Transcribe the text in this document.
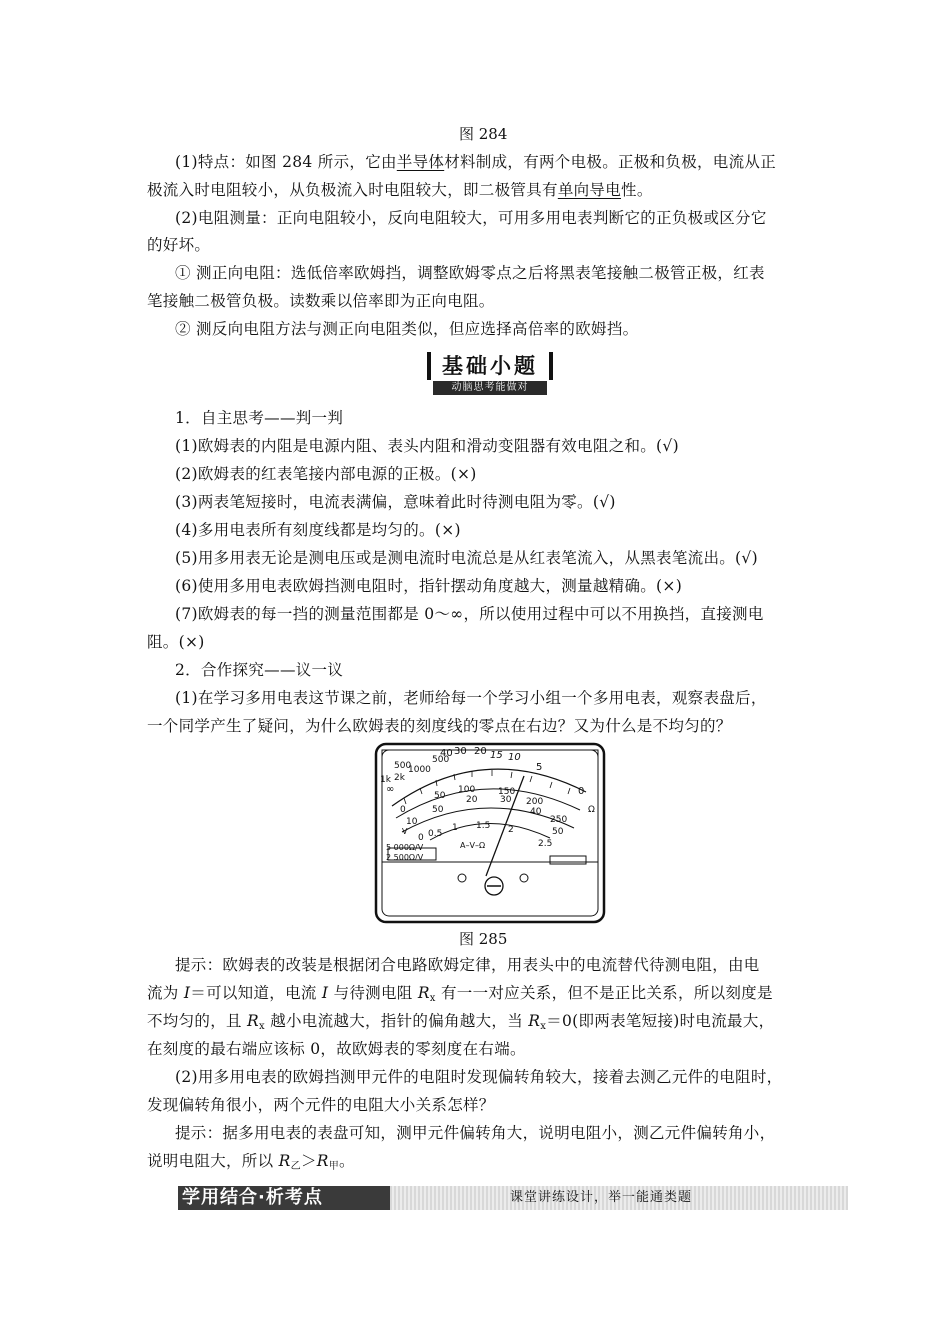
图 284
(1)特点：如图 284 所示，它由半导体材料制成，有两个电极。正极和负极，电流从正
极流入时电阻较小，从负极流入时电阻较大，即二极管具有单向导电性。
(2)电阻测量：正向电阻较小，反向电阻较大，可用多用电表判断它的正负极或区分它
的好坏。
① 测正向电阻：选低倍率欧姆挡，调整欧姆零点之后将黑表笔接触二极管正极，红表
笔接触二极管负极。读数乘以倍率即为正向电阻。
② 测反向电阻方法与测正向电阻类似，但应选择高倍率的欧姆挡。
基础小题
动脑思考能做对
1．自主思考——判一判
(1)欧姆表的内阻是电源内阻、表头内阻和滑动变阻器有效电阻之和。(√)
(2)欧姆表的红表笔接内部电源的正极。(×)
(3)两表笔短接时，电流表满偏，意味着此时待测电阻为零。(√)
(4)多用电表所有刻度线都是均匀的。(×)
(5)用多用表无论是测电压或是测电流时电流总是从红表笔流入，从黑表笔流出。(√)
(6)使用多用电表欧姆挡测电阻时，指针摆动角度越大，测量越精确。(×)
(7)欧姆表的每一挡的测量范围都是 0～∞，所以使用过程中可以不用换挡，直接测电
阻。(×)
2．合作探究——议一议
(1)在学习多用电表这节课之前，老师给每一个学习小组一个多用电表，观察表盘后，
一个同学产生了疑问，为什么欧姆表的刻度线的零点在右边？又为什么是不均匀的？
500
1k 2k
∞
1000
500
40 30 20 15 10
5
0
Ω
100
50
0
150
200
250
50
10
20	30
40
50
0 0.5
1 1.5 2
2.5
V
5 000Ω/V
2 500Ω/V
A–V–Ω
图 285
提示：欧姆表的改装是根据闭合电路欧姆定律，用表头中的电流替代待测电阻，由电
流为 I＝可以知道，电流 I 与待测电阻 $R_x$ 有一一对应关系，但不是正比关系，所以刻度是
不均匀的，且 $R_x$ 越小电流越大，指针的偏角越大，当 $R_x=0$(即两表笔短接)时电流最大，
在刻度的最右端应该标 0，故欧姆表的零刻度在右端。
(2)用多用电表的欧姆挡测甲元件的电阻时发现偏转角较大，接着去测乙元件的电阻时，
发现偏转角很小，两个元件的电阻大小关系怎样？
提示：据多用电表的表盘可知，测甲元件偏转角大，说明电阻小，测乙元件偏转角小，
说明电阻大，所以 $R_乙>R_甲$。
学用结合·析考点	课堂讲练设计，举一能通类题
